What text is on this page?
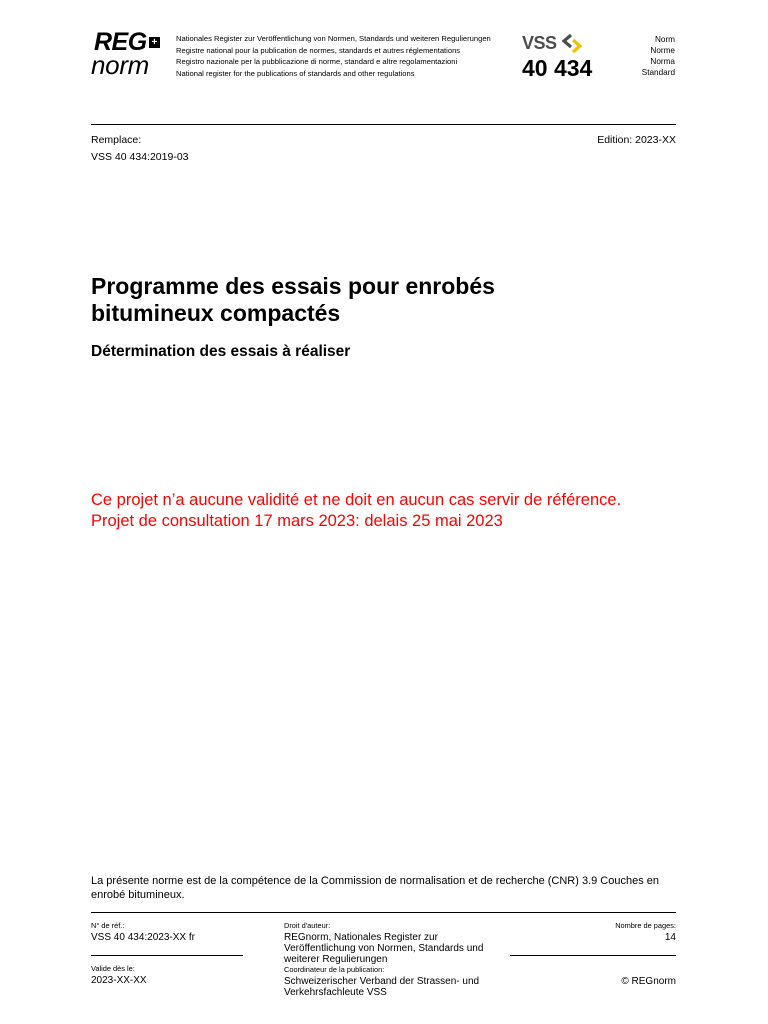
REG +
norm
Nationales Register zur Veröffentlichung von Normen, Standards und weiteren Regulierungen
Registre national pour la publication de normes, standards et autres réglementations
Registro nazionale per la pubblicazione di norme, standard e altre regolamentazioni
National register for the publications of standards and other regulations
VSS
40 434
Norm
Norme
Norma
Standard
Remplace:
VSS 40 434:2019-03
Edition: 2023-XX
Programme des essais pour enrobés
bitumineux compactés
Détermination des essais à réaliser
Ce projet n’a aucune validité et ne doit en aucun cas servir de référence.
Projet de consultation 17 mars 2023: delais 25 mai 2023
La présente norme est de la compétence de la Commission de normalisation et de recherche (CNR) 3.9 Couches en enrobé bitumineux.
N° de réf.:
VSS 40 434:2023-XX fr
Valide dès le:
2023-XX-XX
Droit d'auteur:
REGnorm, Nationales Register zur Veröffentlichung von Normen, Standards und weiterer Regulierungen
Coordinateur de la publication:
Schweizerischer Verband der Strassen- und Verkehrsfachleute VSS
Nombre de pages:
14
© REGnorm
